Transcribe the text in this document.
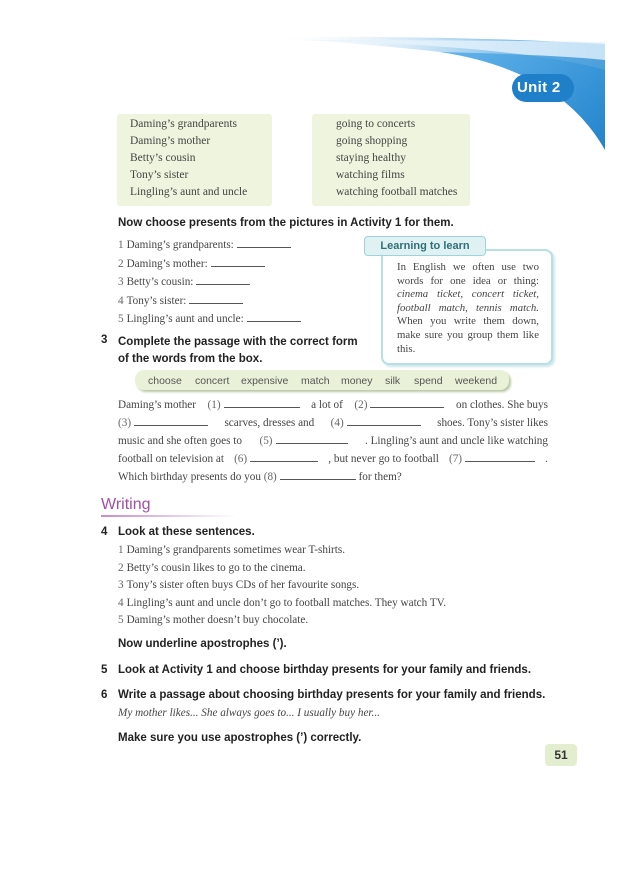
Unit 2
Daming’s grandparents
Daming’s mother
Betty’s cousin
Tony’s sister
Lingling’s aunt and uncle
going to concerts
going shopping
staying healthy
watching films
watching football matches
Now choose presents from the pictures in Activity 1 for them.
1 Daming’s grandparents:
2 Daming’s mother:
3 Betty’s cousin:
4 Tony’s sister:
5 Lingling’s aunt and uncle:
In English we often use two words for one idea or thing: cinema ticket, concert ticket, football match, tennis match. When you write them down, make sure you group them like this.
Learning to learn
3 Complete the passage with the correct form
of the words from the box.
choose concert expensive match money silk spend weekend
Daming’s mother (1)	a lot of (2)	on clothes. She buys
(3)	scarves, dresses and (4)	shoes. Tony’s sister likes
music and she often goes to (5)	. Lingling’s aunt and uncle like watching
football on television at (6)	, but never go to football (7)	.
Which birthday presents do you (8)	for them?
Writing
4 Look at these sentences.
1 Daming’s grandparents sometimes wear T-shirts.
2 Betty’s cousin likes to go to the cinema.
3 Tony’s sister often buys CDs of her favourite songs.
4 Lingling’s aunt and uncle don’t go to football matches. They watch TV.
5 Daming’s mother doesn’t buy chocolate.
Now underline apostrophes (’).
5 Look at Activity 1 and choose birthday presents for your family and friends.
6 Write a passage about choosing birthday presents for your family and friends.
My mother likes... She always goes to... I usually buy her...
Make sure you use apostrophes (’) correctly.
51
